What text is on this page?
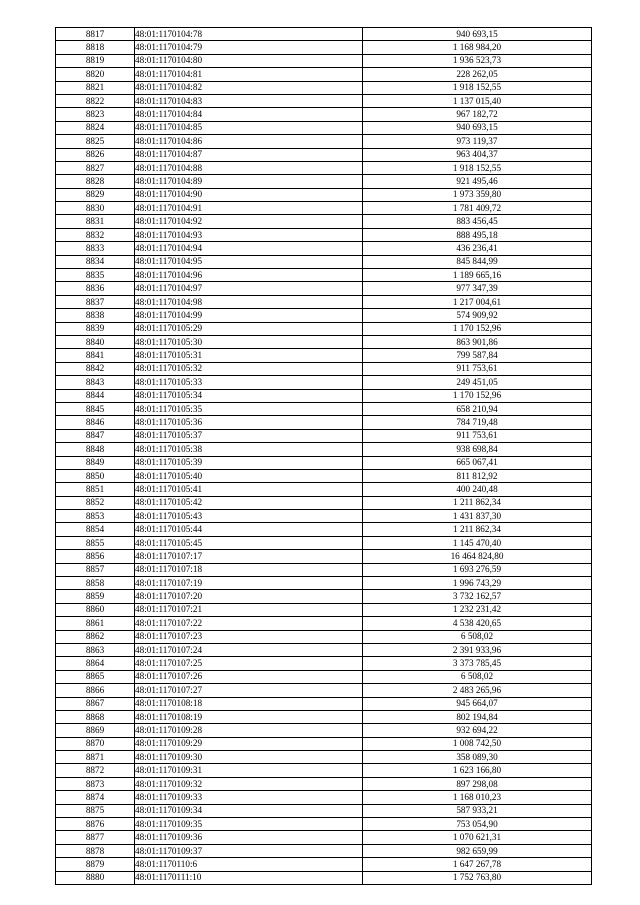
8817	48:01:1170104:78	940 693,15
8818	48:01:1170104:79	1 168 984,20
8819	48:01:1170104:80	1 936 523,73
8820	48:01:1170104:81	228 262,05
8821	48:01:1170104:82	1 918 152,55
8822	48:01:1170104:83	1 137 015,40
8823	48:01:1170104:84	967 182,72
8824	48:01:1170104:85	940 693,15
8825	48:01:1170104:86	973 119,37
8826	48:01:1170104:87	963 404,37
8827	48:01:1170104:88	1 918 152,55
8828	48:01:1170104:89	921 495,46
8829	48:01:1170104:90	1 973 359,80
8830	48:01:1170104:91	1 781 409,72
8831	48:01:1170104:92	883 456,45
8832	48:01:1170104:93	888 495,18
8833	48:01:1170104:94	436 236,41
8834	48:01:1170104:95	845 844,99
8835	48:01:1170104:96	1 189 665,16
8836	48:01:1170104:97	977 347,39
8837	48:01:1170104:98	1 217 004,61
8838	48:01:1170104:99	574 909,92
8839	48:01:1170105:29	1 170 152,96
8840	48:01:1170105:30	863 901,86
8841	48:01:1170105:31	799 587,84
8842	48:01:1170105:32	911 753,61
8843	48:01:1170105:33	249 451,05
8844	48:01:1170105:34	1 170 152,96
8845	48:01:1170105:35	658 210,94
8846	48:01:1170105:36	784 719,48
8847	48:01:1170105:37	911 753,61
8848	48:01:1170105:38	938 698,84
8849	48:01:1170105:39	665 067,41
8850	48:01:1170105:40	811 812,92
8851	48:01:1170105:41	400 240,48
8852	48:01:1170105:42	1 211 862,34
8853	48:01:1170105:43	1 431 837,30
8854	48:01:1170105:44	1 211 862,34
8855	48:01:1170105:45	1 145 470,40
8856	48:01:1170107:17	16 464 824,80
8857	48:01:1170107:18	1 693 276,59
8858	48:01:1170107:19	1 996 743,29
8859	48:01:1170107:20	3 732 162,57
8860	48:01:1170107:21	1 232 231,42
8861	48:01:1170107:22	4 538 420,65
8862	48:01:1170107:23	6 508,02
8863	48:01:1170107:24	2 391 933,96
8864	48:01:1170107:25	3 373 785,45
8865	48:01:1170107:26	6 508,02
8866	48:01:1170107:27	2 483 265,96
8867	48:01:1170108:18	945 664,07
8868	48:01:1170108:19	802 194,84
8869	48:01:1170109:28	932 694,22
8870	48:01:1170109:29	1 008 742,50
8871	48:01:1170109:30	358 089,30
8872	48:01:1170109:31	1 623 166,80
8873	48:01:1170109:32	897 298,08
8874	48:01:1170109:33	1 168 010,23
8875	48:01:1170109:34	587 933,21
8876	48:01:1170109:35	753 054,90
8877	48:01:1170109:36	1 070 621,31
8878	48:01:1170109:37	982 659,99
8879	48:01:1170110:6	1 647 267,78
8880	48:01:1170111:10	1 752 763,80
